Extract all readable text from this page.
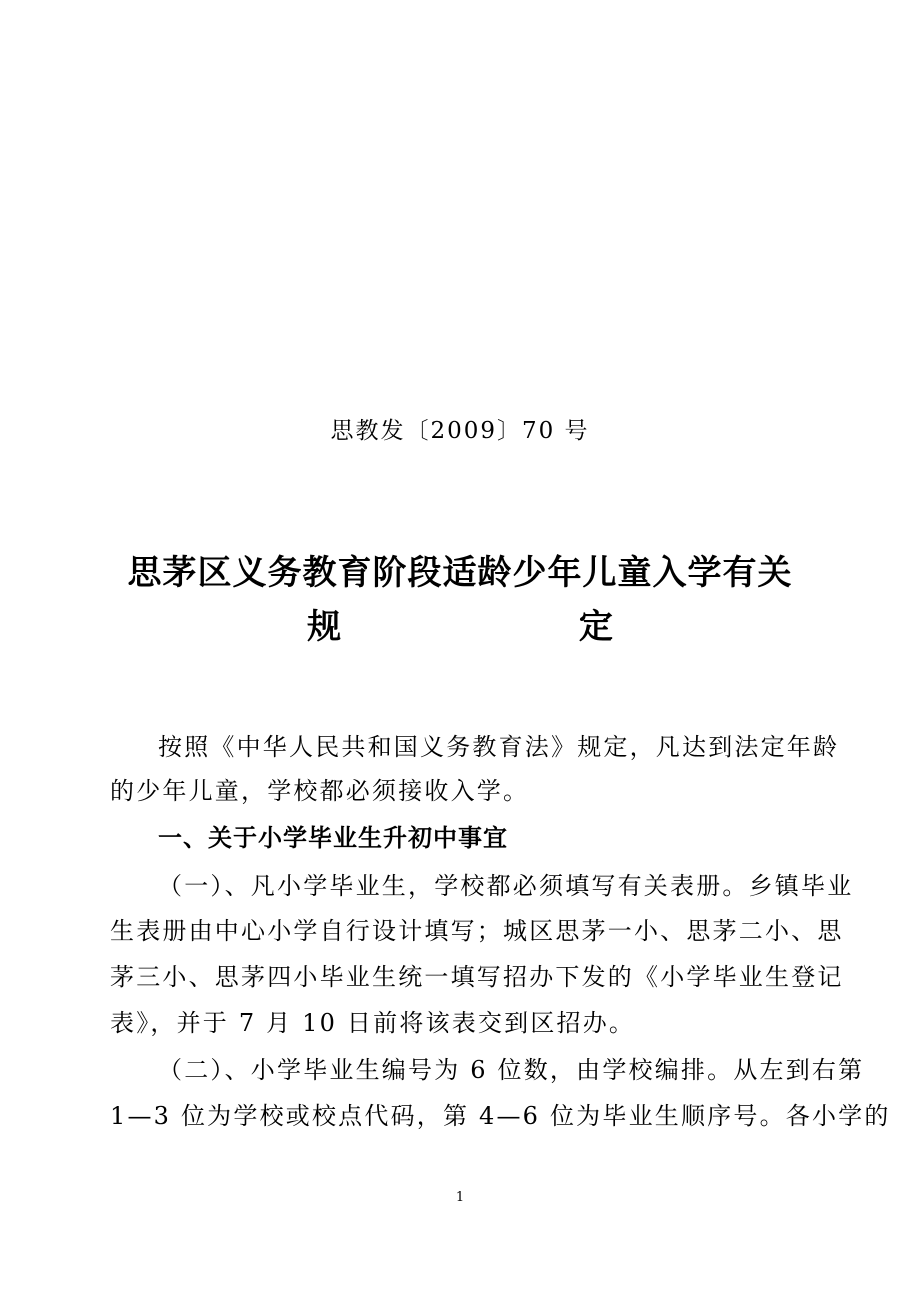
思教发〔2009〕70 号
思茅区义务教育阶段适龄少年儿童入学有关
规 定
按照《中华人民共和国义务教育法》规定，凡达到法定年龄
的少年儿童，学校都必须接收入学。
一、关于小学毕业生升初中事宜
（一）、凡小学毕业生，学校都必须填写有关表册。乡镇毕业
生表册由中心小学自行设计填写；城区思茅一小、思茅二小、思
茅三小、思茅四小毕业生统一填写招办下发的《小学毕业生登记
表》，并于 7 月 10 日前将该表交到区招办。
（二）、小学毕业生编号为 6 位数，由学校编排。从左到右第
1—3 位为学校或校点代码，第 4—6 位为毕业生顺序号。各小学的
1
